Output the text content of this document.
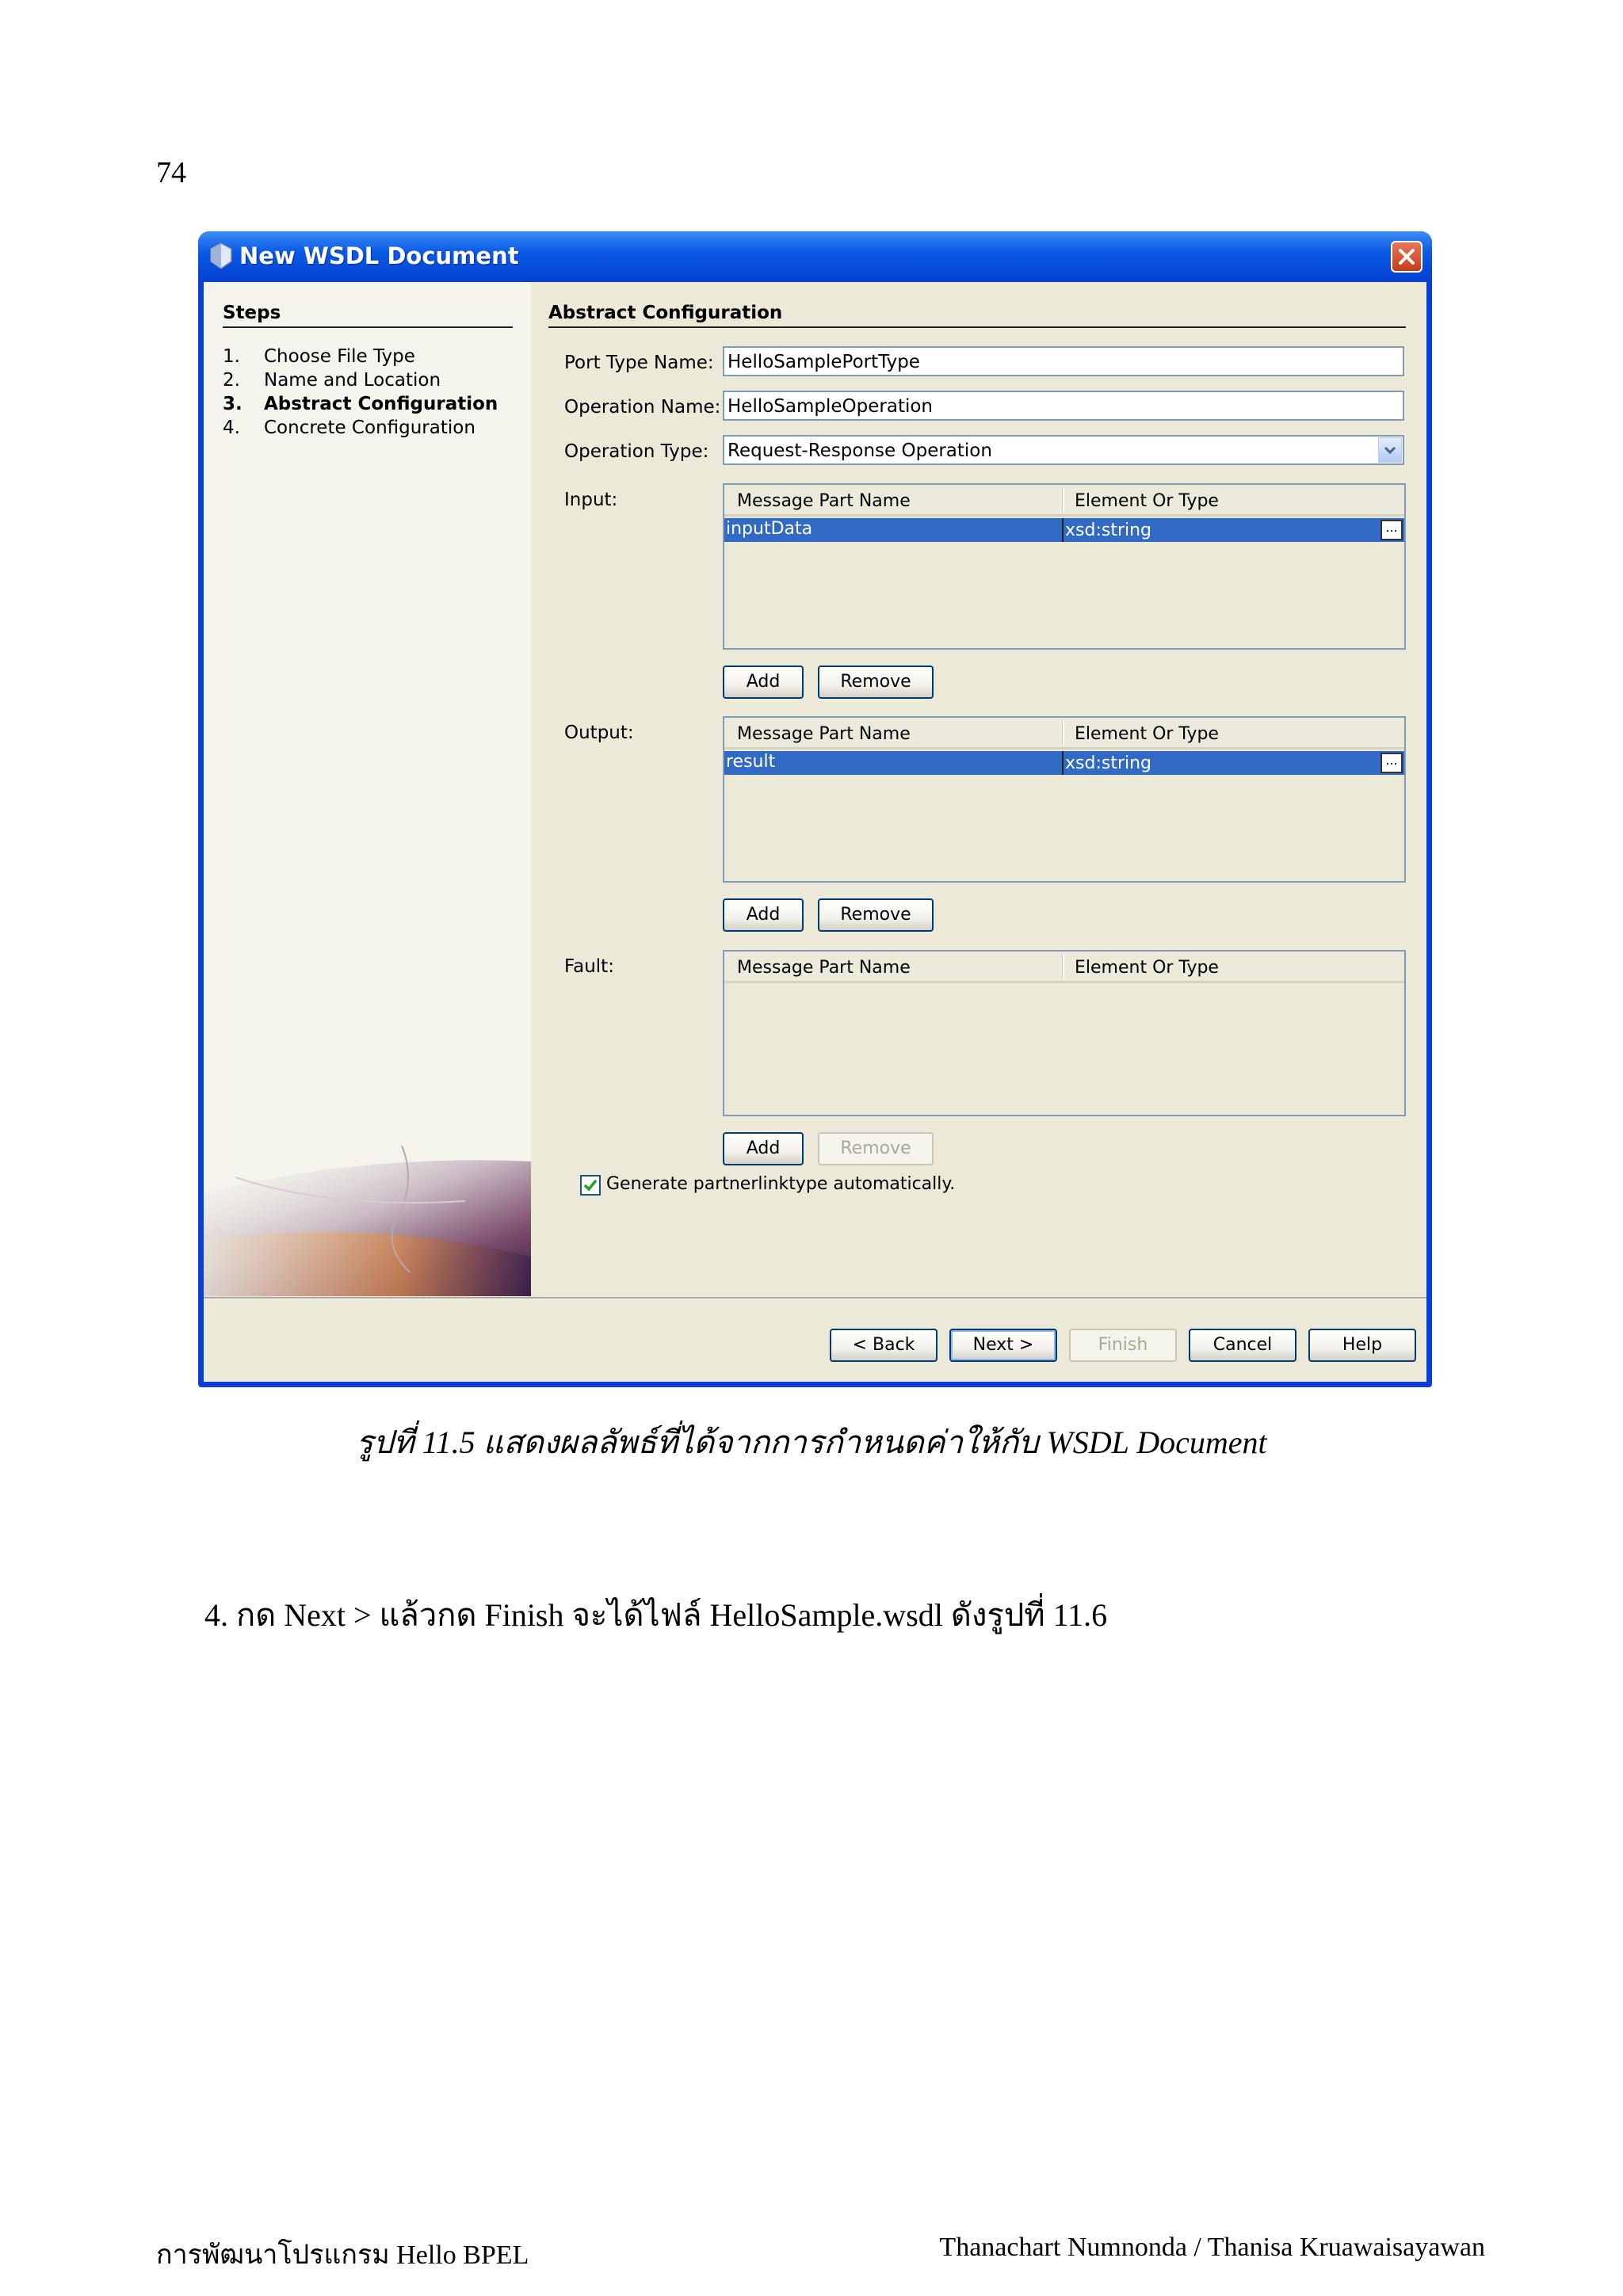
74
New WSDL Document
Steps
1. Choose File Type
2. Name and Location
3. Abstract Configuration
4. Concrete Configuration
Abstract Configuration
Port Type Name: HelloSamplePortType
Operation Name: HelloSampleOperation
Operation Type: Request-Response Operation
Input:	Message Part Name	Element Or Type
inputData	xsd:string	...
Add	Remove
Output:	Message Part Name	Element Or Type
result	xsd:string	...
Add	Remove
Fault:	Message Part Name	Element Or Type
Add	Remove
Generate partnerlinktype automatically.
< Back	Next >	Finish	Cancel	Help
รูปที่ 11.5 แสดงผลลัพธ์ที่ได้จากการกำหนดค่าให้กับ WSDL Document
4. กด Next > แล้วกด Finish จะได้ไฟล์ HelloSample.wsdl ดังรูปที่ 11.6
การพัฒนาโปรแกรม Hello BPEL	Thanachart Numnonda / Thanisa Kruawaisayawan
